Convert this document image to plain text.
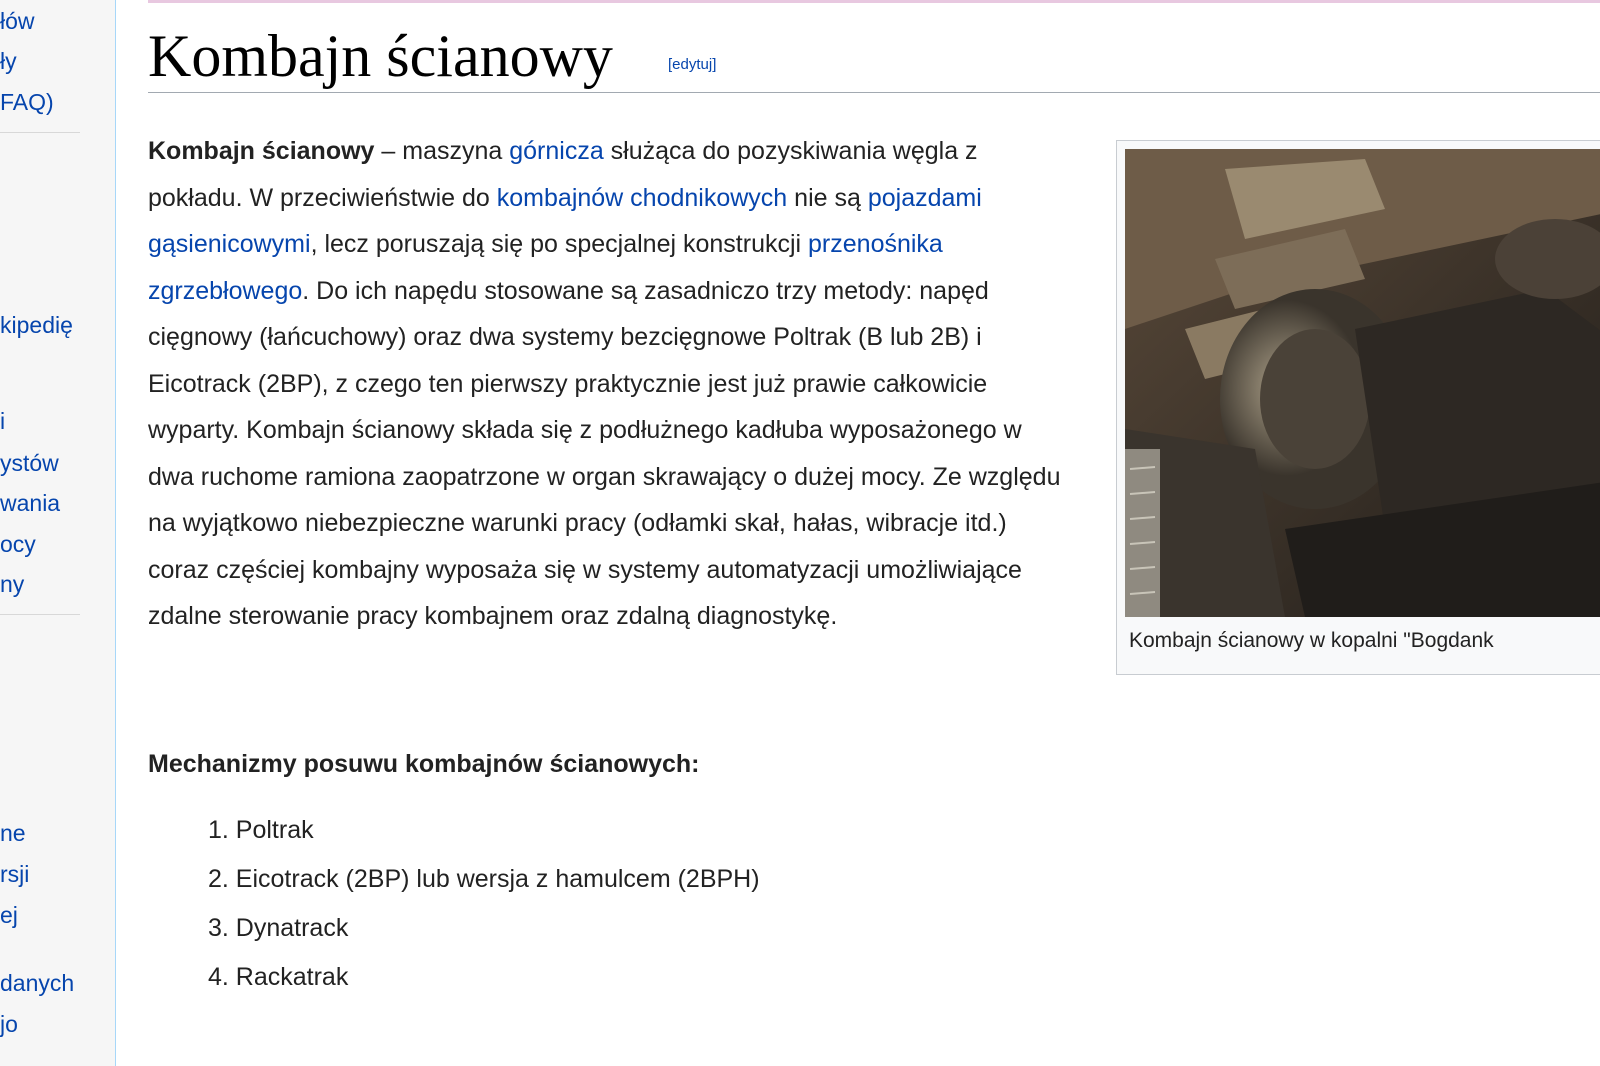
łów
ły
FAQ)
kipedię
i
ystów
wania
ocy
ny
ne
rsji
ej
danych
jo
Kombajn ścianowy	[edytuj]
Kombajn ścianowy – maszyna górnicza służąca do pozyskiwania węgla z pokładu. W przeciwieństwie do kombajnów chodnikowych nie są pojazdami gąsienicowymi, lecz poruszają się po specjalnej konstrukcji przenośnika zgrzebłowego. Do ich napędu stosowane są zasadniczo trzy metody: napęd cięgnowy (łańcuchowy) oraz dwa systemy bezcięgnowe Poltrak (B lub 2B) i Eicotrack (2BP), z czego ten pierwszy praktycznie jest już prawie całkowicie wyparty. Kombajn ścianowy składa się z podłużnego kadłuba wyposażonego w dwa ruchome ramiona zaopatrzone w organ skrawający o dużej mocy. Ze względu na wyjątkowo niebezpieczne warunki pracy (odłamki skał, hałas, wibracje itd.) coraz częściej kombajny wyposaża się w systemy automatyzacji umożliwiające zdalne sterowanie pracy kombajnem oraz zdalną diagnostykę.
Mechanizmy posuwu kombajnów ścianowych:
1. Poltrak
2. Eicotrack (2BP) lub wersja z hamulcem (2BPH)
3. Dynatrack
4. Rackatrak
Kombajn ścianowy w kopalni "Bogdank
